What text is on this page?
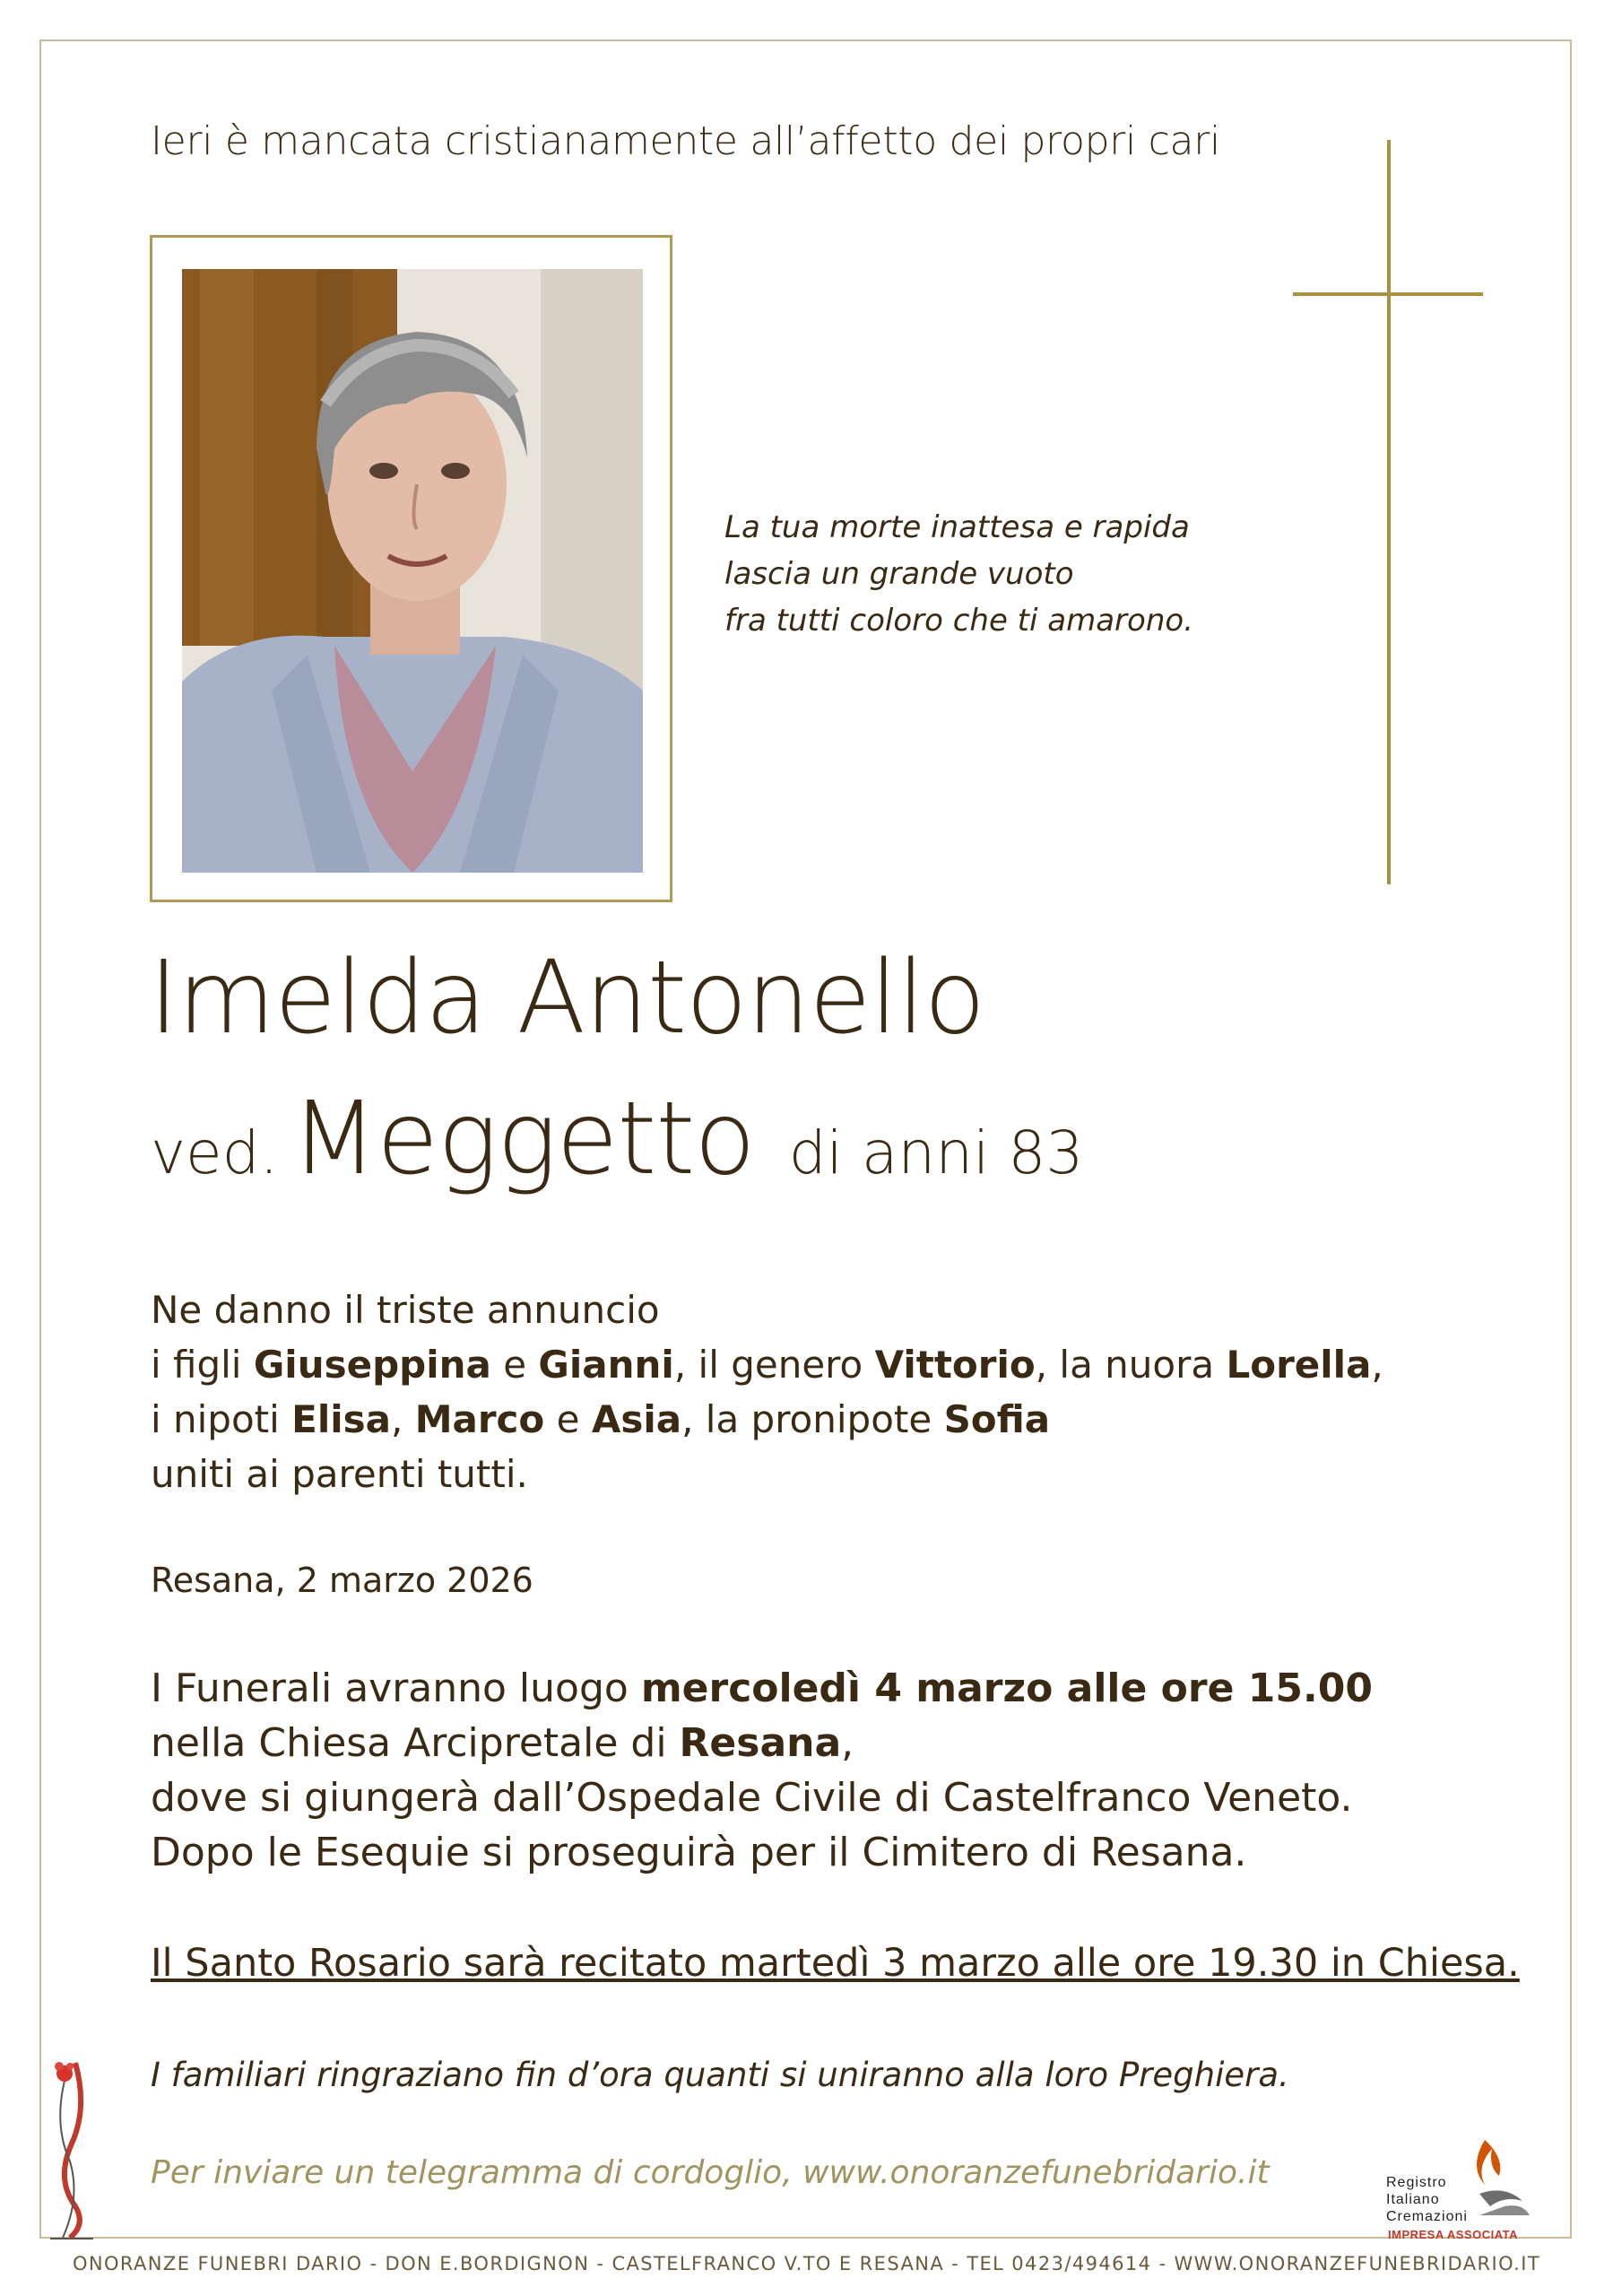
Ieri è mancata cristianamente all’affetto dei propri cari
La tua morte inattesa e rapida
lascia un grande vuoto
fra tutti coloro che ti amarono.
Imelda Antonello
ved. Meggetto di anni 83
Ne danno il triste annuncio
i figli Giuseppina e Gianni, il genero Vittorio, la nuora Lorella,
i nipoti Elisa, Marco e Asia, la pronipote Sofia
uniti ai parenti tutti.
Resana, 2 marzo 2026
I Funerali avranno luogo mercoledì 4 marzo alle ore 15.00
nella Chiesa Arcipretale di Resana,
dove si giungerà dall’Ospedale Civile di Castelfranco Veneto.
Dopo le Esequie si proseguirà per il Cimitero di Resana.
Il Santo Rosario sarà recitato martedì 3 marzo alle ore 19.30 in Chiesa.
I familiari ringraziano fin d’ora quanti si uniranno alla loro Preghiera.
Per inviare un telegramma di cordoglio, www.onoranzefunebridario.it	Registro
Italiano
Cremazioni
IMPRESA ASSOCIATA
ONORANZE FUNEBRI DARIO - DON E.BORDIGNON - CASTELFRANCO V.TO E RESANA - TEL 0423/494614 - WWW.ONORANZEFUNEBRIDARIO.IT
